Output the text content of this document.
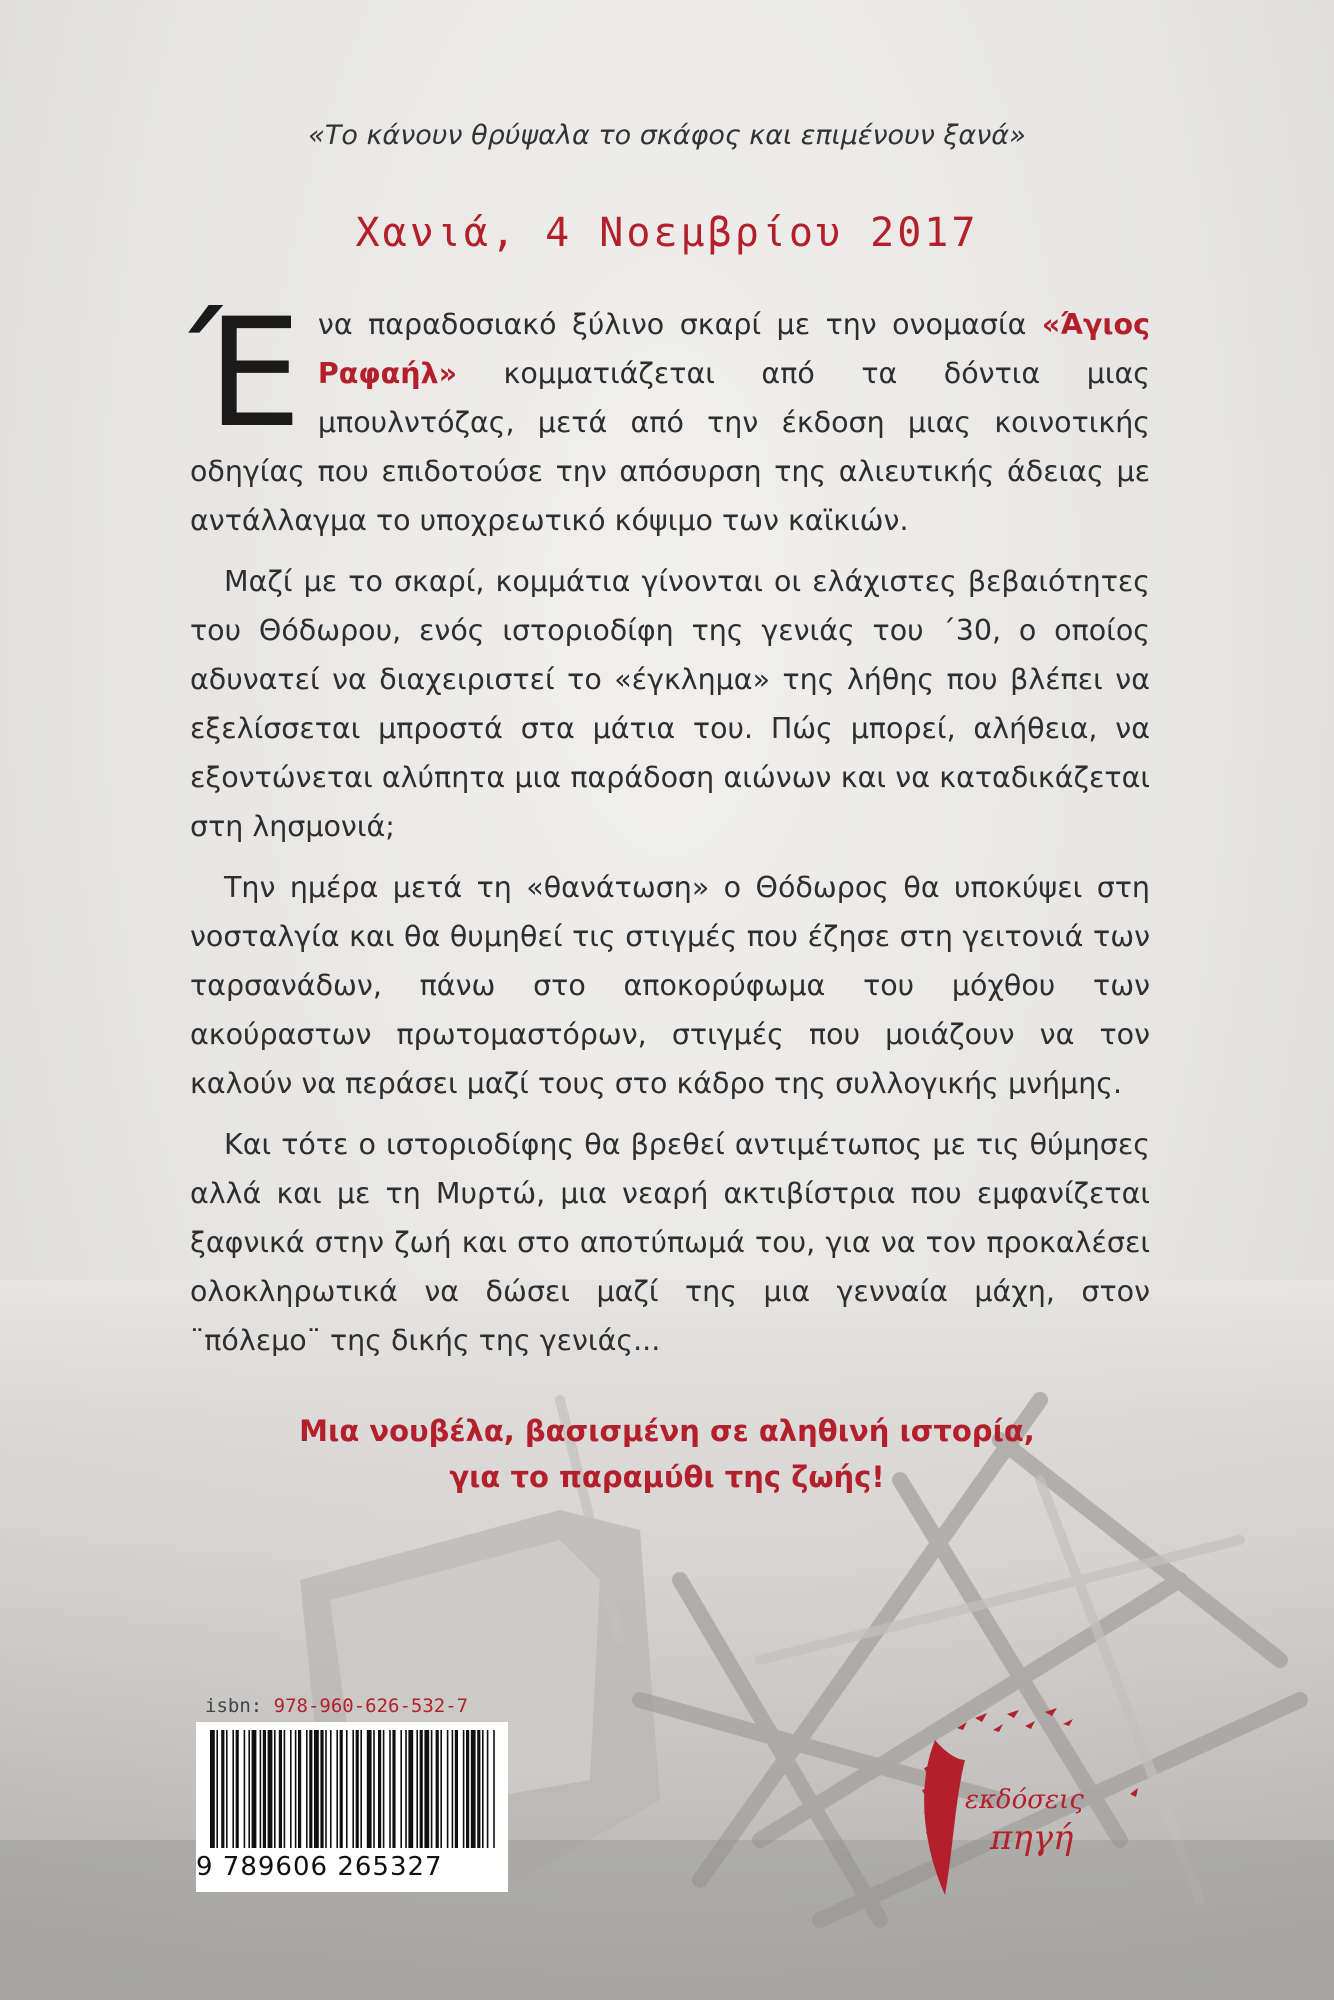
«Το κάνουν θρύψαλα το σκάφος και επιμένουν ξανά»
Χανιά, 4 Νοεμβρίου 2017

Ένα παραδοσιακό ξύλινο σκαρί με την ονομασία «Άγιος Ραφαήλ» κομματιάζεται από τα δόντια μιας μπουλντόζας, μετά από την έκδοση μιας κοινοτικής οδηγίας που επιδοτούσε την απόσυρση της αλιευτικής άδειας με αντάλλαγμα το υποχρεωτικό κόψιμο των καϊκιών.

Μαζί με το σκαρί, κομμάτια γίνονται οι ελάχιστες βεβαιότητες του Θόδωρου, ενός ιστοριοδίφη της γενιάς του ΄30, ο οποίος αδυνατεί να διαχειριστεί το «έγκλημα» της λήθης που βλέπει να εξελίσσεται μπροστά στα μάτια του. Πώς μπορεί, αλήθεια, να εξοντώνεται αλύπητα μια παράδοση αιώνων και να καταδικάζεται στη λησμονιά;

Την ημέρα μετά τη «θανάτωση» ο Θόδωρος θα υποκύψει στη νοσταλγία και θα θυμηθεί τις στιγμές που έζησε στη γειτονιά των ταρσανάδων, πάνω στο αποκορύφωμα του μόχθου των ακούραστων πρωτομαστόρων, στιγμές που μοιάζουν να τον καλούν να περάσει μαζί τους στο κάδρο της συλλογικής μνήμης.

Και τότε ο ιστοριοδίφης θα βρεθεί αντιμέτωπος με τις θύμησες αλλά και με τη Μυρτώ, μια νεαρή ακτιβίστρια που εμφανίζεται ξαφνικά στην ζωή και στο αποτύπωμά του, για να τον προκαλέσει ολοκληρωτικά να δώσει μαζί της μια γενναία μάχη, στον ¨πόλεμο¨ της δικής της γενιάς...

Μια νουβέλα, βασισμένη σε αληθινή ιστορία,
για το παραμύθι της ζωής!
isbn: 978-960-626-532-7
9 789606 265327
εκδόσεις
πηγή
